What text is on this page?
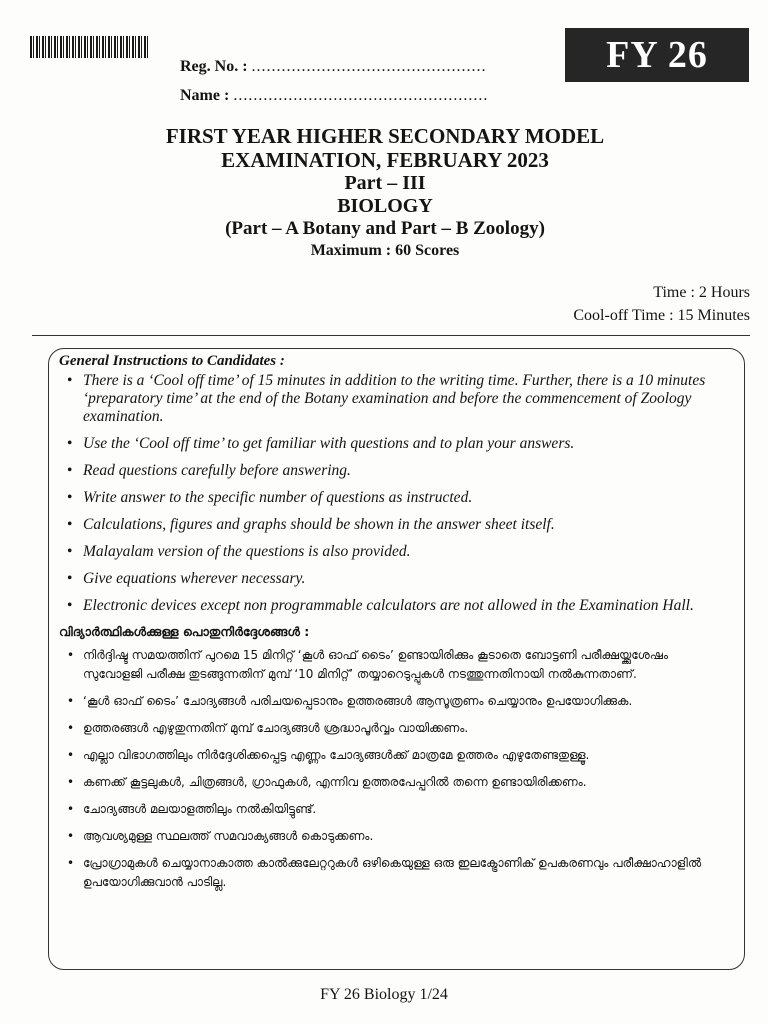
FY 26
Reg. No. : ...............................................
Name : ...................................................
FIRST YEAR HIGHER SECONDARY MODEL
EXAMINATION, FEBRUARY 2023
Part – III
BIOLOGY
(Part – A Botany and Part – B Zoology)
Maximum : 60 Scores
Time : 2 Hours
Cool-off Time : 15 Minutes
General Instructions to Candidates :
• There is a ‘Cool off time’ of 15 minutes in addition to the writing time. Further, there is a 10 minutes ‘preparatory time’ at the end of the Botany examination and before the commencement of Zoology examination.
• Use the ‘Cool off time’ to get familiar with questions and to plan your answers.
• Read questions carefully before answering.
• Write answer to the specific number of questions as instructed.
• Calculations, figures and graphs should be shown in the answer sheet itself.
• Malayalam version of the questions is also provided.
• Give equations wherever necessary.
• Electronic devices except non programmable calculators are not allowed in the Examination Hall.
വിദ്യാർത്ഥികൾക്കുള്ള പൊതുനിർദ്ദേശങ്ങൾ :
• നിർദ്ദിഷ്ട സമയത്തിന് പുറമെ 15 മിനിറ്റ് ‘കൂൾ ഓഫ് ടൈം’ ഉണ്ടായിരിക്കും കൂടാതെ ബോട്ടണി പരീക്ഷയ്ക്കുശേഷം സുവോളജി പരീക്ഷ തുടങ്ങുന്നതിന് മുമ്പ് ‘10 മിനിറ്റ്’ തയ്യാറെടുപ്പുകൾ നടത്തുന്നതിനായി നൽകുന്നതാണ്.
• ‘കൂൾ ഓഫ് ടൈം’ ചോദ്യങ്ങൾ പരിചയപ്പെടാനും ഉത്തരങ്ങൾ ആസൂത്രണം ചെയ്യാനും ഉപയോഗിക്കുക.
• ഉത്തരങ്ങൾ എഴുതുന്നതിന് മുമ്പ് ചോദ്യങ്ങൾ ശ്രദ്ധാപൂർവ്വം വായിക്കണം.
• എല്ലാ വിഭാഗത്തിലും നിർദ്ദേശിക്കപ്പെട്ട എണ്ണം ചോദ്യങ്ങൾക്ക് മാത്രമേ ഉത്തരം എഴുതേണ്ടതുള്ളൂ.
• കണക്ക് കൂട്ടലുകൾ, ചിത്രങ്ങൾ, ഗ്രാഫുകൾ, എന്നിവ ഉത്തരപേപ്പറിൽ തന്നെ ഉണ്ടായിരിക്കണം.
• ചോദ്യങ്ങൾ മലയാളത്തിലും നൽകിയിട്ടുണ്ട്.
• ആവശ്യമുള്ള സ്ഥലത്ത് സമവാക്യങ്ങൾ കൊടുക്കണം.
• പ്രോഗ്രാമുകൾ ചെയ്യാനാകാത്ത കാൽക്കുലേറ്ററുകൾ ഒഴികെയുള്ള ഒരു ഇലക്ട്രോണിക് ഉപകരണവും പരീക്ഷാഹാളിൽ ഉപയോഗിക്കുവാൻ പാടില്ല.
FY 26 Biology 1/24
